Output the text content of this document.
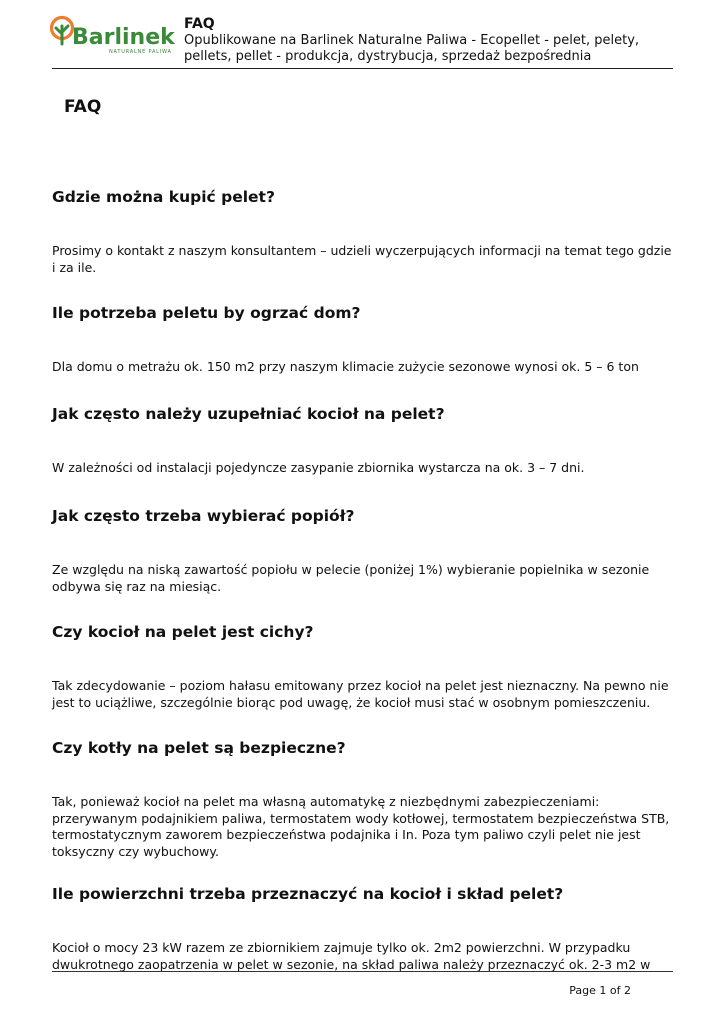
Barlinek
NATURALNE PALIWA
FAQ
Opublikowane na Barlinek Naturalne Paliwa - Ecopellet - pelet, pelety, pellets, pellet - produkcja, dystrybucja, sprzedaż bezpośrednia
FAQ

Gdzie można kupić pelet?

Prosimy o kontakt z naszym konsultantem – udzieli wyczerpujących informacji na temat tego gdzie i za ile.

Ile potrzeba peletu by ogrzać dom?

Dla domu o metrażu ok. 150 m2 przy naszym klimacie zużycie sezonowe wynosi ok. 5 – 6 ton

Jak często należy uzupełniać kocioł na pelet?

W zależności od instalacji pojedyncze zasypanie zbiornika wystarcza na ok. 3 – 7 dni.

Jak często trzeba wybierać popiół?

Ze względu na niską zawartość popiołu w pelecie (poniżej 1%) wybieranie popielnika w sezonie odbywa się raz na miesiąc.

Czy kocioł na pelet jest cichy?

Tak zdecydowanie – poziom hałasu emitowany przez kocioł na pelet jest nieznaczny. Na pewno nie jest to uciążliwe, szczególnie biorąc pod uwagę, że kocioł musi stać w osobnym pomieszczeniu.

Czy kotły na pelet są bezpieczne?

Tak, ponieważ kocioł na pelet ma własną automatykę z niezbędnymi zabezpieczeniami: przerywanym podajnikiem paliwa, termostatem wody kotłowej, termostatem bezpieczeństwa STB, termostatycznym zaworem bezpieczeństwa podajnika i In. Poza tym paliwo czyli pelet nie jest toksyczny czy wybuchowy.

Ile powierzchni trzeba przeznaczyć na kocioł i skład pelet?

Kocioł o mocy 23 kW razem ze zbiornikiem zajmuje tylko ok. 2m2 powierzchni. W przypadku dwukrotnego zaopatrzenia w pelet w sezonie, na skład paliwa należy przeznaczyć ok. 2-3 m2 w

Page 1 of 2
